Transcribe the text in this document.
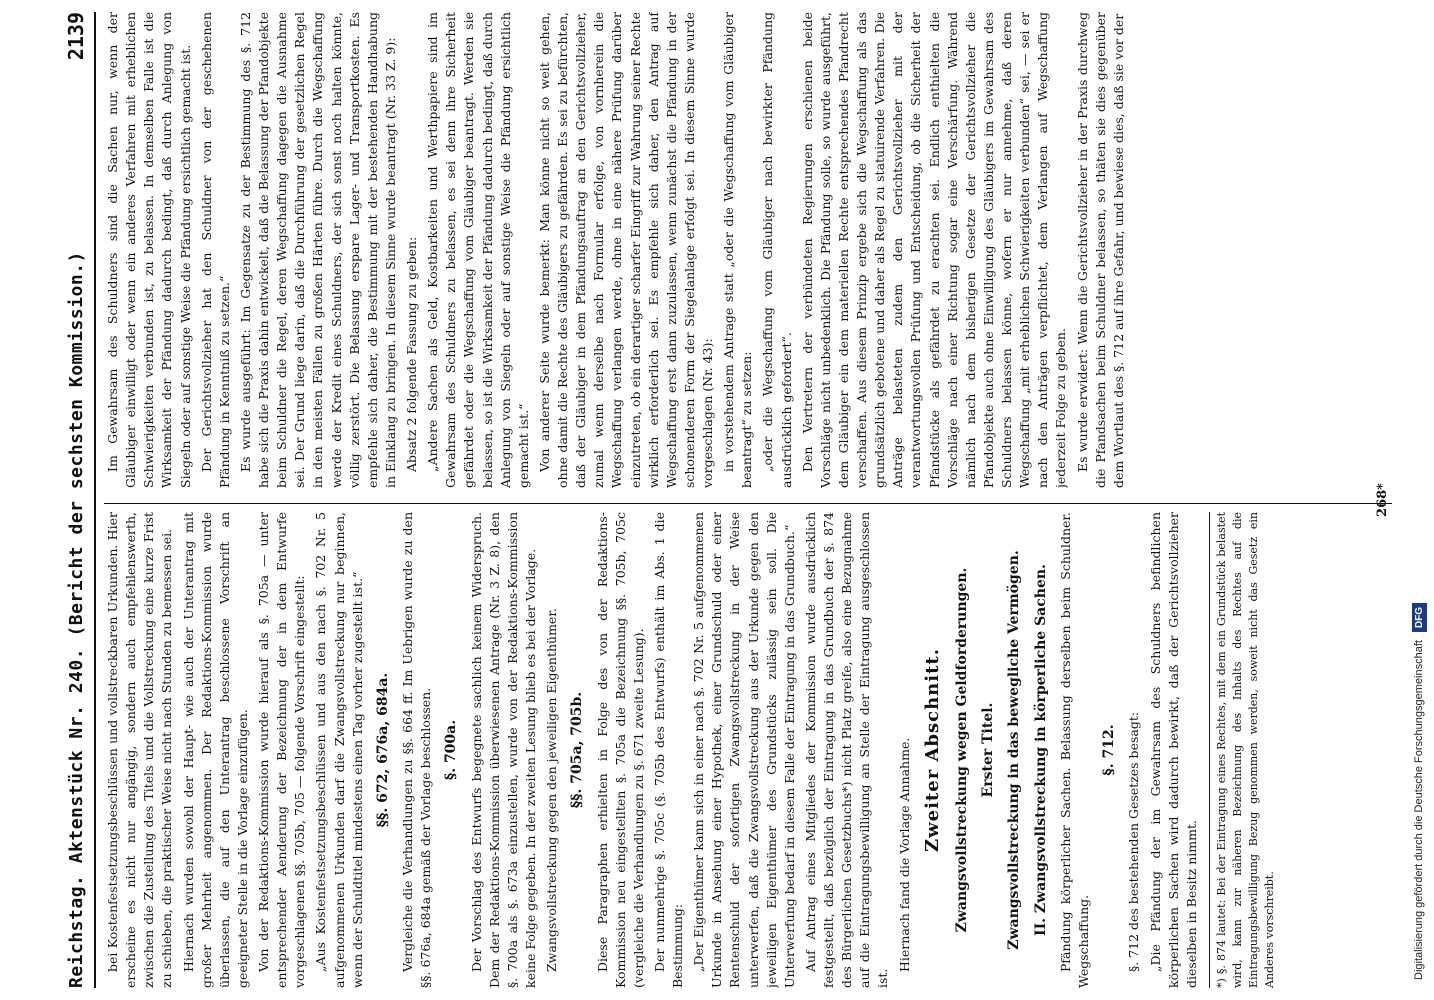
Reichstag. Aktenstück Nr. 240. (Bericht der sechsten Kommission.)
2139
bei Kostenfestsetzungsbeschlüssen und vollstreckbaren Urkunden. Hier erscheine es nicht nur angängig, sondern auch empfehlenswerth, zwischen die Zustellung des Titels und die Vollstreckung eine kurze Frist zu schieben, die praktischer Weise nicht nach Stunden zu bemessen sei. Hiernach wurden sowohl der Haupt- wie auch der Unterantrag mit großer Mehrheit angenommen. Der Redaktions-Kommission wurde überlassen, die auf den Unterantrag beschlossene Vorschrift an geeigneter Stelle in die Vorlage einzufügen. Von der Redaktions-Kommission wurde hierauf als §. 705a — unter entsprechender Aenderung der Bezeichnung der in dem Entwurfe vorgeschlagenen §§. 705b, 705 — folgende Vorschrift eingestellt: „Aus Kostenfestsetzungsbeschlüssen und aus den nach §. 702 Nr. 5 aufgenommenen Urkunden darf die Zwangsvollstreckung nur beginnen, wenn der Schuldtitel mindestens einen Tag vorher zugestellt ist.“ §§. 672, 676a, 684a. Vergleiche die Verhandlungen zu §§. 664 ff. Im Uebrigen wurde zu den §§. 676a, 684a gemäß der Vorlage beschlossen. §. 700a. Der Vorschlag des Entwurfs begegnete sachlich keinem Widerspruch. Dem der Redaktions-Kommission überwiesenen Antrage (Nr. 3 Z. 8), den §. 700a als §. 673a einzustellen, wurde von der Redaktions-Kommission keine Folge gegeben. In der zweiten Lesung blieb es bei der Vorlage. Zwangsvollstreckung gegen den jeweiligen Eigenthümer. §§. 705a, 705b. Diese Paragraphen erhielten in Folge des von der Redaktions-Kommission neu eingestellten §. 705a die Bezeichnung §§. 705b, 705c (vergleiche die Verhandlungen zu §. 671 zweite Lesung). Der nunmehrige §. 705c (§. 705b des Entwurfs) enthält im Abs. 1 die Bestimmung: „Der Eigenthümer kann sich in einer nach §. 702 Nr. 5 aufgenommenen Urkunde in Ansehung einer Hypothek, einer Grundschuld oder einer Rentenschuld der sofortigen Zwangsvollstreckung in der Weise unterwerfen, daß die Zwangsvollstreckung aus der Urkunde gegen den jeweiligen Eigenthümer des Grundstücks zulässig sein soll. Die Unterwerfung bedarf in diesem Falle der Eintragung in das Grundbuch.“ Auf Antrag eines Mitgliedes der Kommission wurde ausdrücklich festgestellt, daß bezüglich der Eintragung in das Grundbuch der §. 874 des Bürgerlichen Gesetzbuchs*) nicht Platz greife, also eine Bezugnahme auf die Eintragungsbewilligung an Stelle der Eintragung ausgeschlossen ist.
Hiernach fand die Vorlage Annahme. Zweiter Abschnitt. Zwangsvollstreckung wegen Geldforderungen. Erster Titel. Zwangsvollstreckung in das bewegliche Vermögen. II. Zwangsvollstreckung in körperliche Sachen. Pfändung körperlicher Sachen. Belassung derselben beim Schuldner. Wegschaffung.
§. 712. §. 712 des bestehenden Gesetzes besagt: „Die Pfändung der im Gewahrsam des Schuldners befindlichen körperlichen Sachen wird dadurch bewirkt, daß der Gerichtsvollzieher dieselben in Besitz nimmt.	*) §. 874 lautet: Bei der Eintragung eines Rechtes, mit dem ein Grundstück belastet wird, kann zur näheren Bezeichnung des Inhalts des Rechtes auf die Eintragungsbewilligung Bezug genommen werden, soweit nicht das Gesetz ein Anderes vorschreibt.
Im Gewahrsam des Schuldners sind die Sachen nur, wenn der Gläubiger einwilligt oder wenn ein anderes Verfahren mit erheblichen Schwierigkeiten verbunden ist, zu belassen. In demselben Falle ist die Wirksamkeit der Pfändung dadurch bedingt, daß durch Anlegung von Siegeln oder auf sonstige Weise die Pfändung ersichtlich gemacht ist. Der Gerichtsvollzieher hat den Schuldner von der geschehenen Pfändung in Kenntniß zu setzen.“ Es wurde ausgeführt: Im Gegensatze zu der Bestimmung des §. 712 habe sich die Praxis dahin entwickelt, daß die Belassung der Pfandobjekte beim Schuldner die Regel, deren Wegschaffung dagegen die Ausnahme sei. Der Grund liege darin, daß die Durchführung der gesetzlichen Regel in den meisten Fällen zu großen Härten führe. Durch die Wegschaffung werde der Kredit eines Schuldners, der sich sonst noch halten könnte, völlig zerstört. Die Belassung erspare Lager- und Transportkosten. Es empfehle sich daher, die Bestimmung mit der bestehenden Handhabung in Einklang zu bringen. In diesem Sinne wurde beantragt (Nr. 33 Z. 9): Absatz 2 folgende Fassung zu geben: „Andere Sachen als Geld, Kostbarkeiten und Werthpapiere sind im Gewahrsam des Schuldners zu belassen, es sei denn ihre Sicherheit gefährdet oder die Wegschaffung vom Gläubiger beantragt. Werden sie belassen, so ist die Wirksamkeit der Pfändung dadurch bedingt, daß durch Anlegung von Siegeln oder auf sonstige Weise die Pfändung ersichtlich gemacht ist.“ Von anderer Seite wurde bemerkt: Man könne nicht so weit gehen, ohne damit die Rechte des Gläubigers zu gefährden. Es sei zu befürchten, daß der Gläubiger in dem Pfändungsauftrag an den Gerichtsvollzieher, zumal wenn derselbe nach Formular erfolge, von vornherein die Wegschaffung verlangen werde, ohne in eine nähere Prüfung darüber einzutreten, ob ein derartiger scharfer Eingriff zur Wahrung seiner Rechte wirklich erforderlich sei. Es empfehle sich daher, den Antrag auf Wegschaffung erst dann zuzulassen, wenn zunächst die Pfändung in der schonenderen Form der Siegelanlage erfolgt sei. In diesem Sinne wurde vorgeschlagen (Nr. 43): in vorstehendem Antrage statt „oder die Wegschaffung vom Gläubiger beantragt“ zu setzen: „oder die Wegschaffung vom Gläubiger nach bewirkter Pfändung ausdrücklich gefordert“. Den Vertretern der verbündeten Regierungen erschienen beide Vorschläge nicht unbedenklich. Die Pfändung solle, so wurde ausgeführt, dem Gläubiger ein dem materiellen Rechte entsprechendes Pfandrecht verschaffen. Aus diesem Prinzip ergebe sich die Wegschaffung als das grundsätzlich gebotene und daher als Regel zu statuirende Verfahren. Die Anträge belasteten zudem den Gerichtsvollzieher mit der verantwortungsvollen Prüfung und Entscheidung, ob die Sicherheit der Pfandstücke als gefährdet zu erachten sei. Endlich enthielten die Vorschläge nach einer Richtung sogar eine Verschärfung. Während nämlich nach dem bisherigen Gesetze der Gerichtsvollzieher die Pfandobjekte auch ohne Einwilligung des Gläubigers im Gewahrsam des Schuldners belassen könne, wofern er nur annehme, daß deren Wegschaffung „mit erheblichen Schwierigkeiten verbunden“ sei, — sei er nach den Anträgen verpflichtet, dem Verlangen auf Wegschaffung jederzeit Folge zu geben. Es wurde erwidert: Wenn die Gerichtsvollzieher in der Praxis durchweg die Pfandsachen beim Schuldner belassen, so thäten sie dies gegenüber dem Wortlaut des §. 712 auf ihre Gefahr, und bewiese dies, daß sie vor der
268*
Digitalisierung gefördert durch die Deutsche Forschungsgemeinschaft
DFG
